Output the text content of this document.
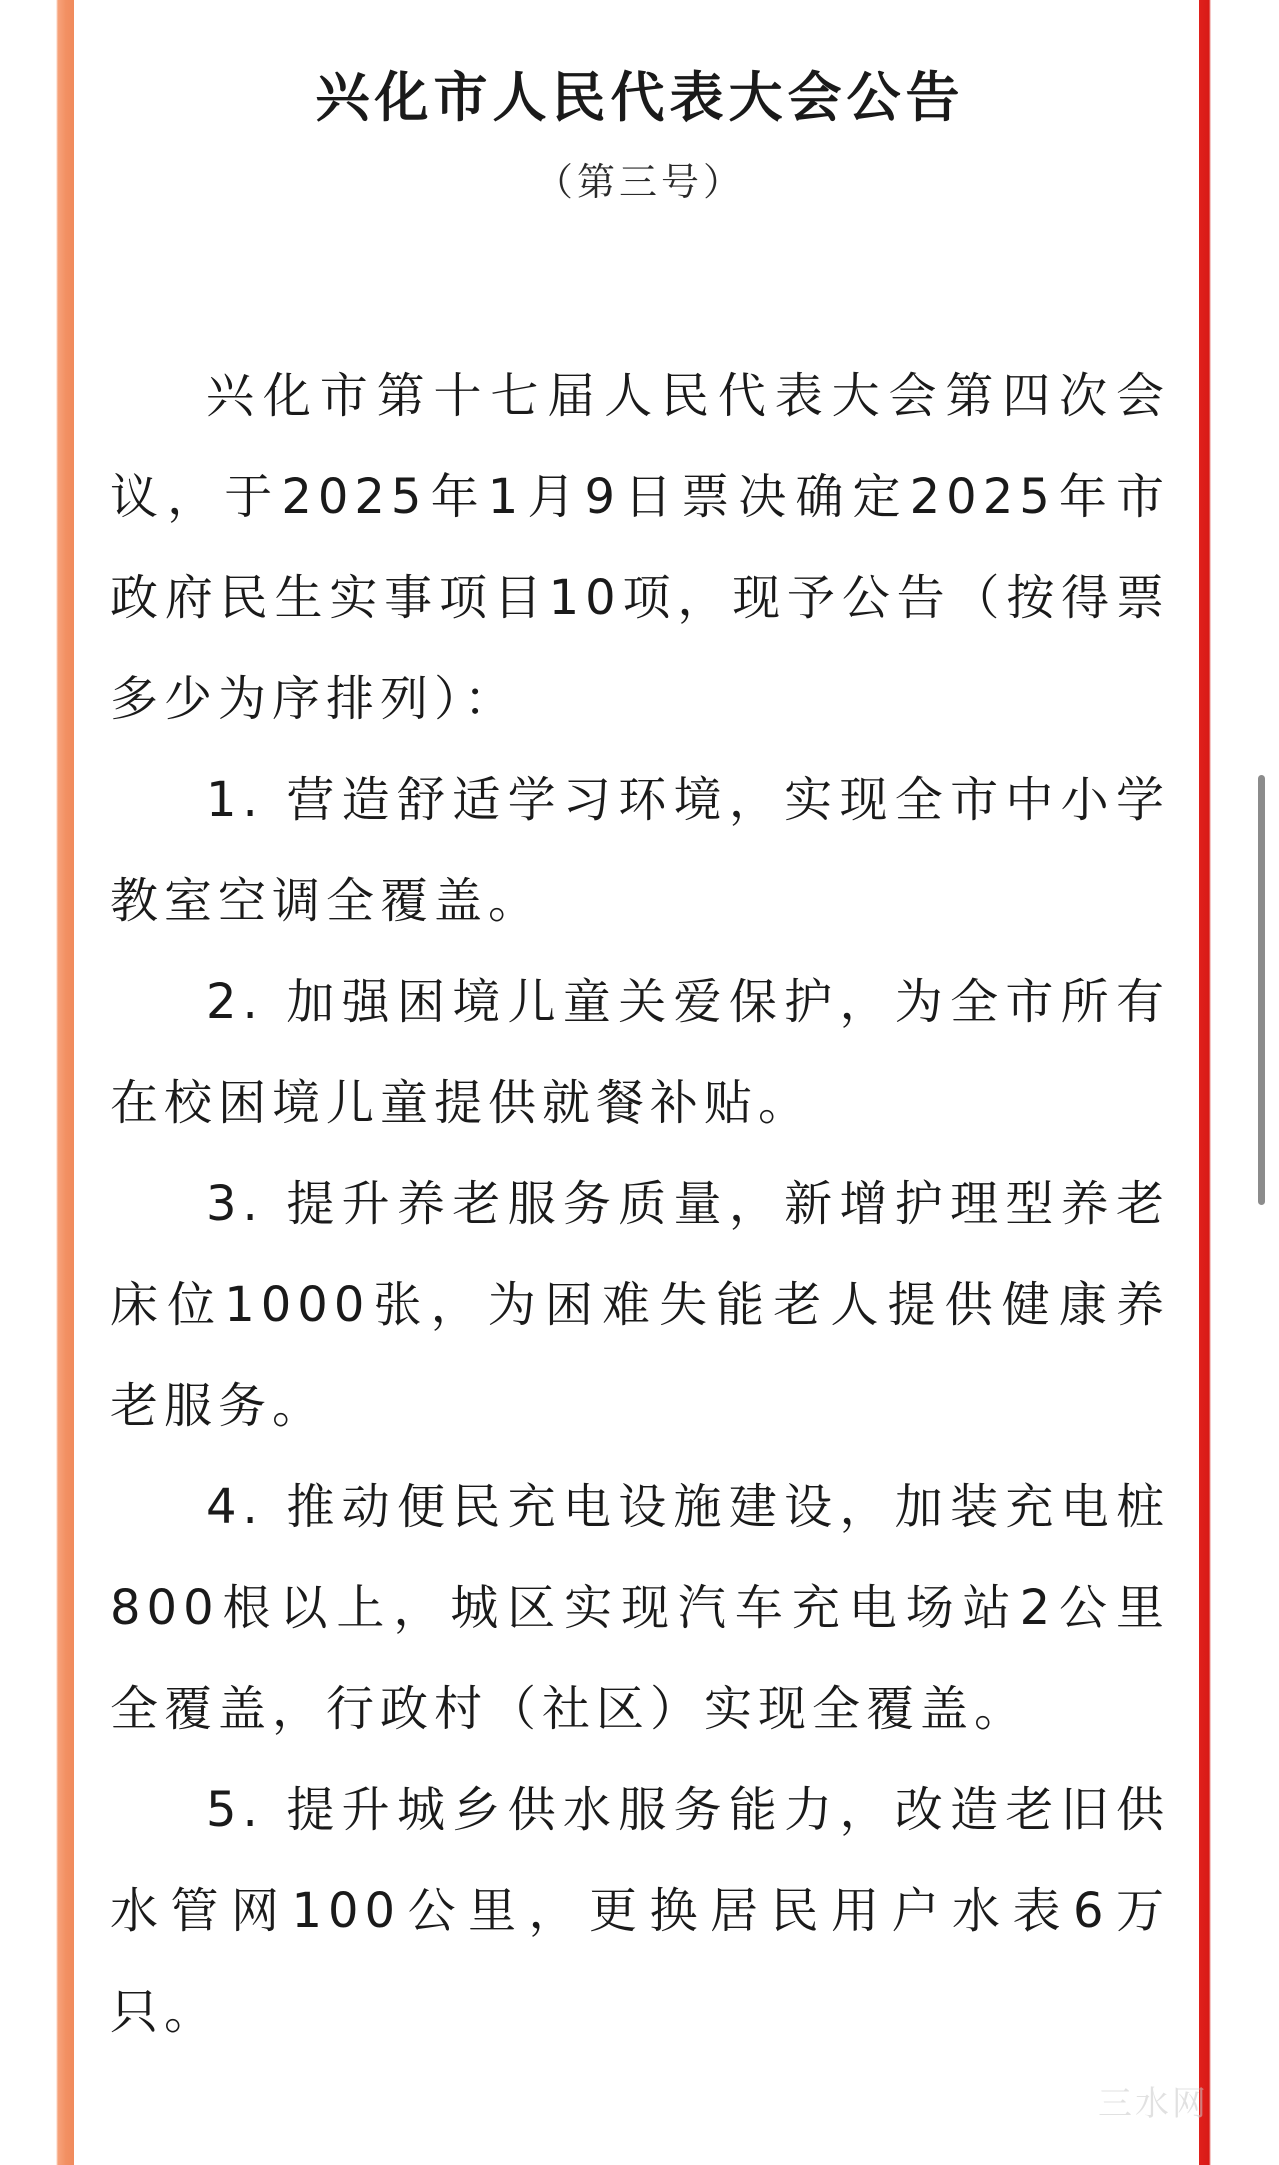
兴化市人民代表大会公告
（第三号）

兴化市第十七届人民代表大会第四次会议，于2025年1月9日票决确定2025年市政府民生实事项目10项，现予公告（按得票多少为序排列）：

1. 营造舒适学习环境，实现全市中小学教室空调全覆盖。

2. 加强困境儿童关爱保护，为全市所有在校困境儿童提供就餐补贴。

3. 提升养老服务质量，新增护理型养老床位1000张，为困难失能老人提供健康养老服务。

4. 推动便民充电设施建设，加装充电桩800根以上，城区实现汽车充电场站2公里全覆盖，行政村（社区）实现全覆盖。

5. 提升城乡供水服务能力，改造老旧供水管网100公里，更换居民用户水表6万只。

三水网
